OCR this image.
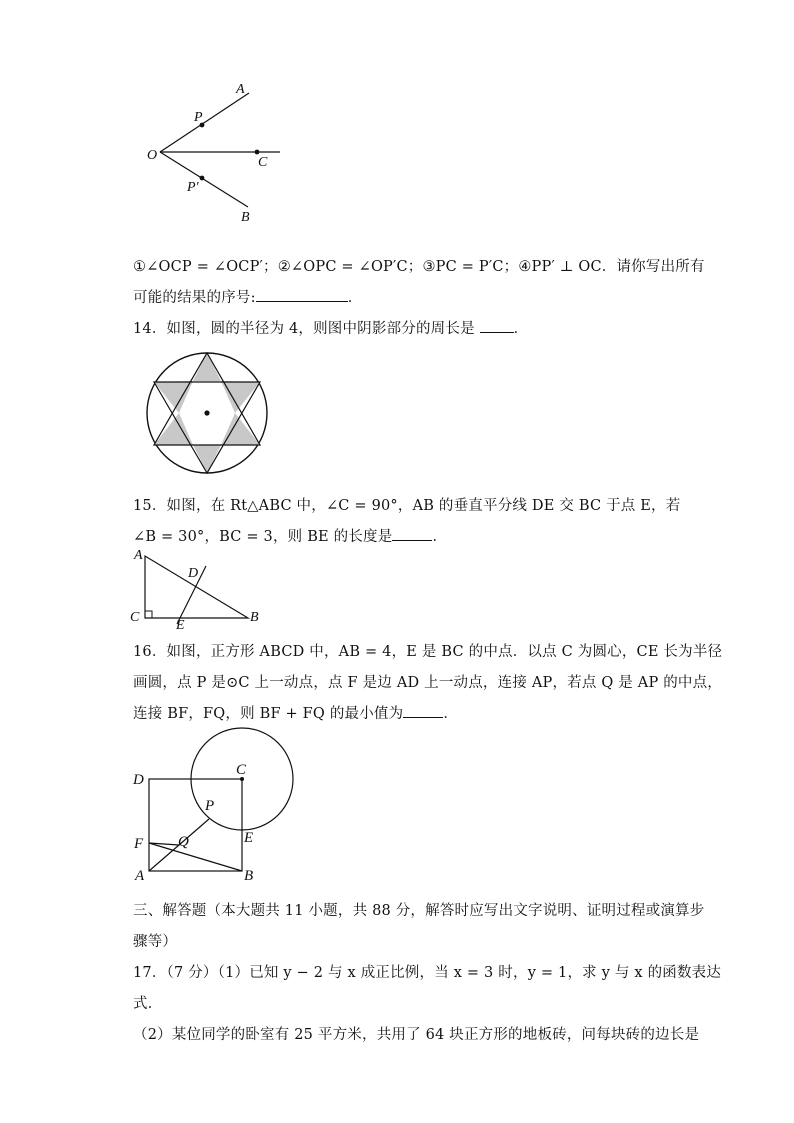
A
P
O	C
P′
B
①∠OCP = ∠OCP′；②∠OPC = ∠OP′C；③PC = P′C；④PP′ ⊥ OC．请你写出所有
可能的结果的序号:	．
14．如图，圆的半径为 4，则图中阴影部分的周长是	．
15．如图，在 Rt△ABC 中，∠C = 90°，AB 的垂直平分线 DE 交 BC 于点 E，若
∠B = 30°，BC = 3，则 BE 的长度是	．
A
D
C	B
E
16．如图，正方形 ABCD 中，AB = 4，E 是 BC 的中点．以点 C 为圆心，CE 长为半径
画圆，点 P 是⊙C 上一动点，点 F 是边 AD 上一动点，连接 AP，若点 Q 是 AP 的中点，
连接 BF，FQ，则 BF + FQ 的最小值为	．
D
C
P
E
F Q
A	B
三、解答题（本大题共 11 小题，共 88 分，解答时应写出文字说明、证明过程或演算步
骤等）
17．（7 分）（1）已知 y − 2 与 x 成正比例，当 x = 3 时，y = 1，求 y 与 x 的函数表达
式．
（2）某位同学的卧室有 25 平方米，共用了 64 块正方形的地板砖，问每块砖的边长是
